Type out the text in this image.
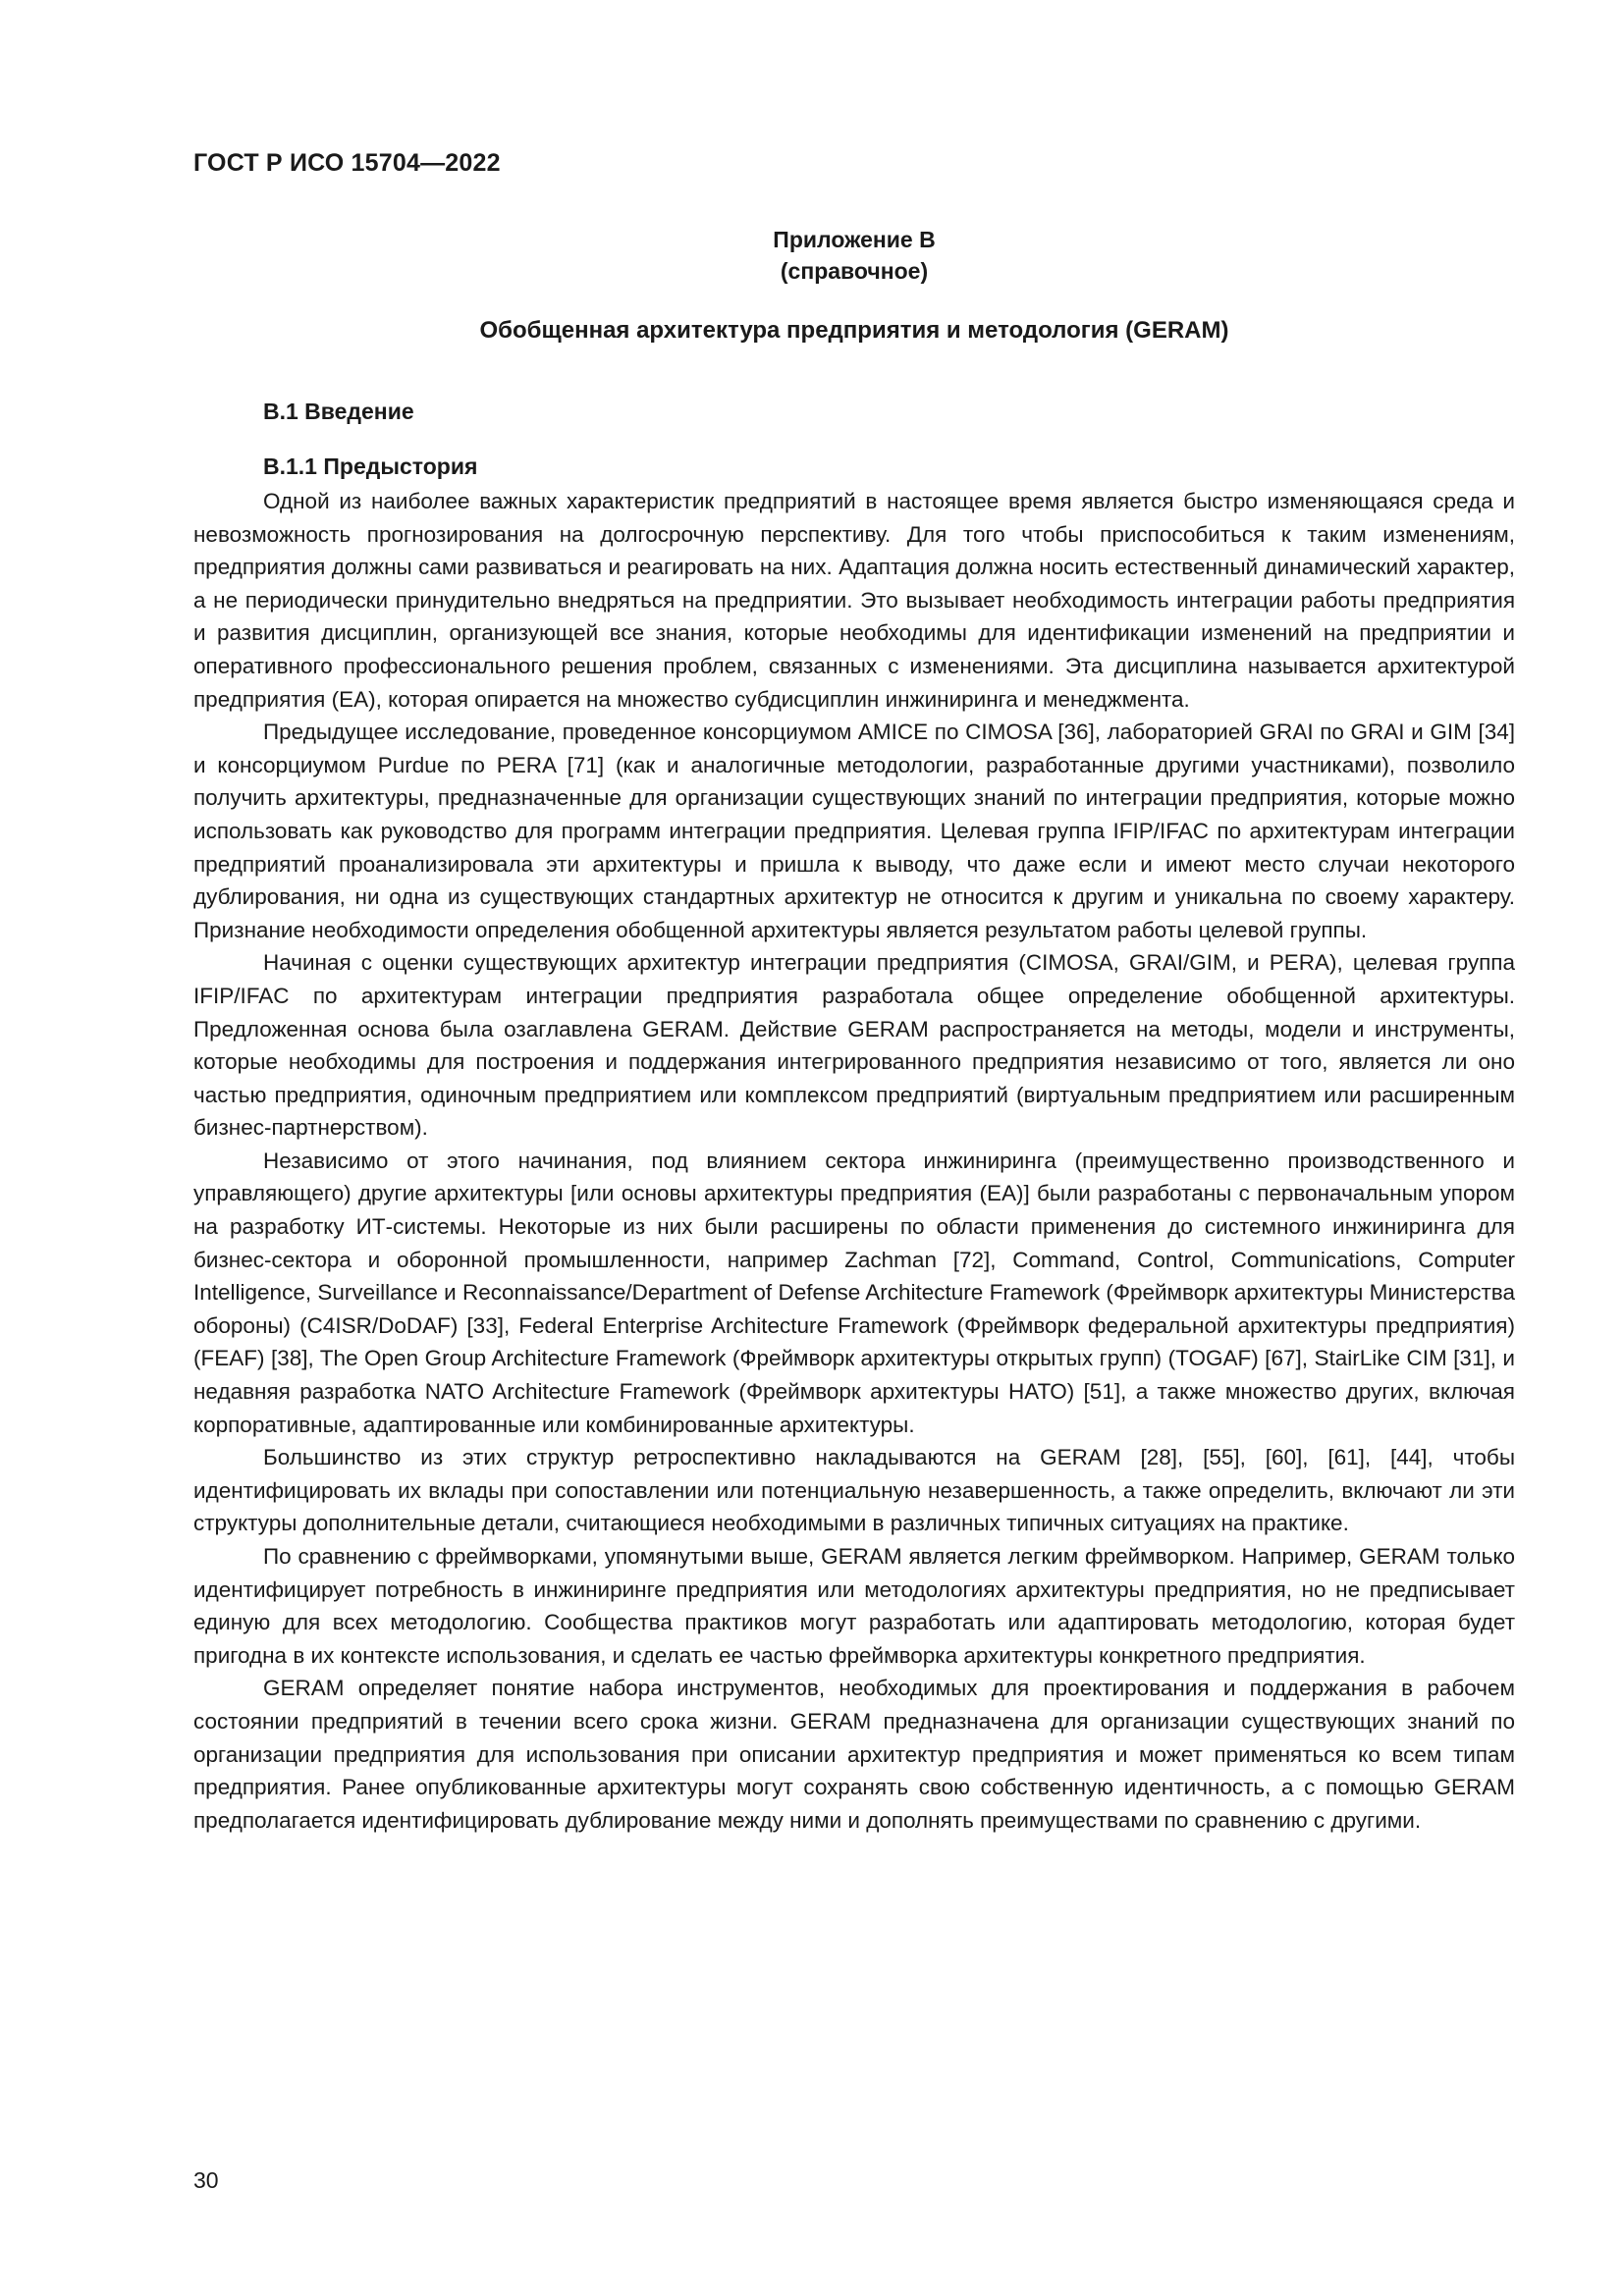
ГОСТ Р ИСО 15704—2022
Приложение В
(справочное)
Обобщенная архитектура предприятия и методология (GERAM)
В.1 Введение
В.1.1 Предыстория

Одной из наиболее важных характеристик предприятий в настоящее время является быстро изменяющаяся среда и невозможность прогнозирования на долгосрочную перспективу. Для того чтобы приспособиться к таким изменениям, предприятия должны сами развиваться и реагировать на них. Адаптация должна носить естественный динамический характер, а не периодически принудительно внедряться на предприятии. Это вызывает необходимость интеграции работы предприятия и развития дисциплин, организующей все знания, которые необходимы для идентификации изменений на предприятии и оперативного профессионального решения проблем, связанных с изменениями. Эта дисциплина называется архитектурой предприятия (ЕА), которая опирается на множество субдисциплин инжиниринга и менеджмента.

Предыдущее исследование, проведенное консорциумом AMICE по CIMOSA [36], лабораторией GRAI по GRAI и GIM [34] и консорциумом Purdue по PERA [71] (как и аналогичные методологии, разработанные другими участниками), позволило получить архитектуры, предназначенные для организации существующих знаний по интеграции предприятия, которые можно использовать как руководство для программ интеграции предприятия. Целевая группа IFIP/IFAC по архитектурам интеграции предприятий проанализировала эти архитектуры и пришла к выводу, что даже если и имеют место случаи некоторого дублирования, ни одна из существующих стандартных архитектур не относится к другим и уникальна по своему характеру. Признание необходимости определения обобщенной архитектуры является результатом работы целевой группы.

Начиная с оценки существующих архитектур интеграции предприятия (CIMOSA, GRAI/GIM, и PERA), целевая группа IFIP/IFAC по архитектурам интеграции предприятия разработала общее определение обобщенной архитектуры. Предложенная основа была озаглавлена GERAM. Действие GERAM распространяется на методы, модели и инструменты, которые необходимы для построения и поддержания интегрированного предприятия независимо от того, является ли оно частью предприятия, одиночным предприятием или комплексом предприятий (виртуальным предприятием или расширенным бизнес-партнерством).

Независимо от этого начинания, под влиянием сектора инжиниринга (преимущественно производственного и управляющего) другие архитектуры [или основы архитектуры предприятия (ЕА)] были разработаны с первоначальным упором на разработку ИТ-системы. Некоторые из них были расширены по области применения до системного инжиниринга для бизнес-сектора и оборонной промышленности, например Zachman [72], Command, Control, Communications, Computer Intelligence, Surveillance и Reconnaissance/Department of Defense Architecture Framework (Фреймворк архитектуры Министерства обороны) (C4ISR/DoDAF) [33], Federal Enterprise Architecture Framework (Фреймворк федеральной архитектуры предприятия) (FEAF) [38], The Open Group Architecture Framework (Фреймворк архитектуры открытых групп) (TOGAF) [67], StairLike CIM [31], и недавняя разработка NATO Architecture Framework (Фреймворк архитектуры НАТО) [51], а также множество других, включая корпоративные, адаптированные или комбинированные архитектуры.

Большинство из этих структур ретроспективно накладываются на GERAM [28], [55], [60], [61], [44], чтобы идентифицировать их вклады при сопоставлении или потенциальную незавершенность, а также определить, включают ли эти структуры дополнительные детали, считающиеся необходимыми в различных типичных ситуациях на практике.

По сравнению с фреймворками, упомянутыми выше, GERAM является легким фреймворком. Например, GERAM только идентифицирует потребность в инжиниринге предприятия или методологиях архитектуры предприятия, но не предписывает единую для всех методологию. Сообщества практиков могут разработать или адаптировать методологию, которая будет пригодна в их контексте использования, и сделать ее частью фреймворка архитектуры конкретного предприятия.

GERAM определяет понятие набора инструментов, необходимых для проектирования и поддержания в рабочем состоянии предприятий в течении всего срока жизни. GERAM предназначена для организации существующих знаний по организации предприятия для использования при описании архитектур предприятия и может применяться ко всем типам предприятия. Ранее опубликованные архитектуры могут сохранять свою собственную идентичность, а с помощью GERAM предполагается идентифицировать дублирование между ними и дополнять преимуществами по сравнению с другими.

30
